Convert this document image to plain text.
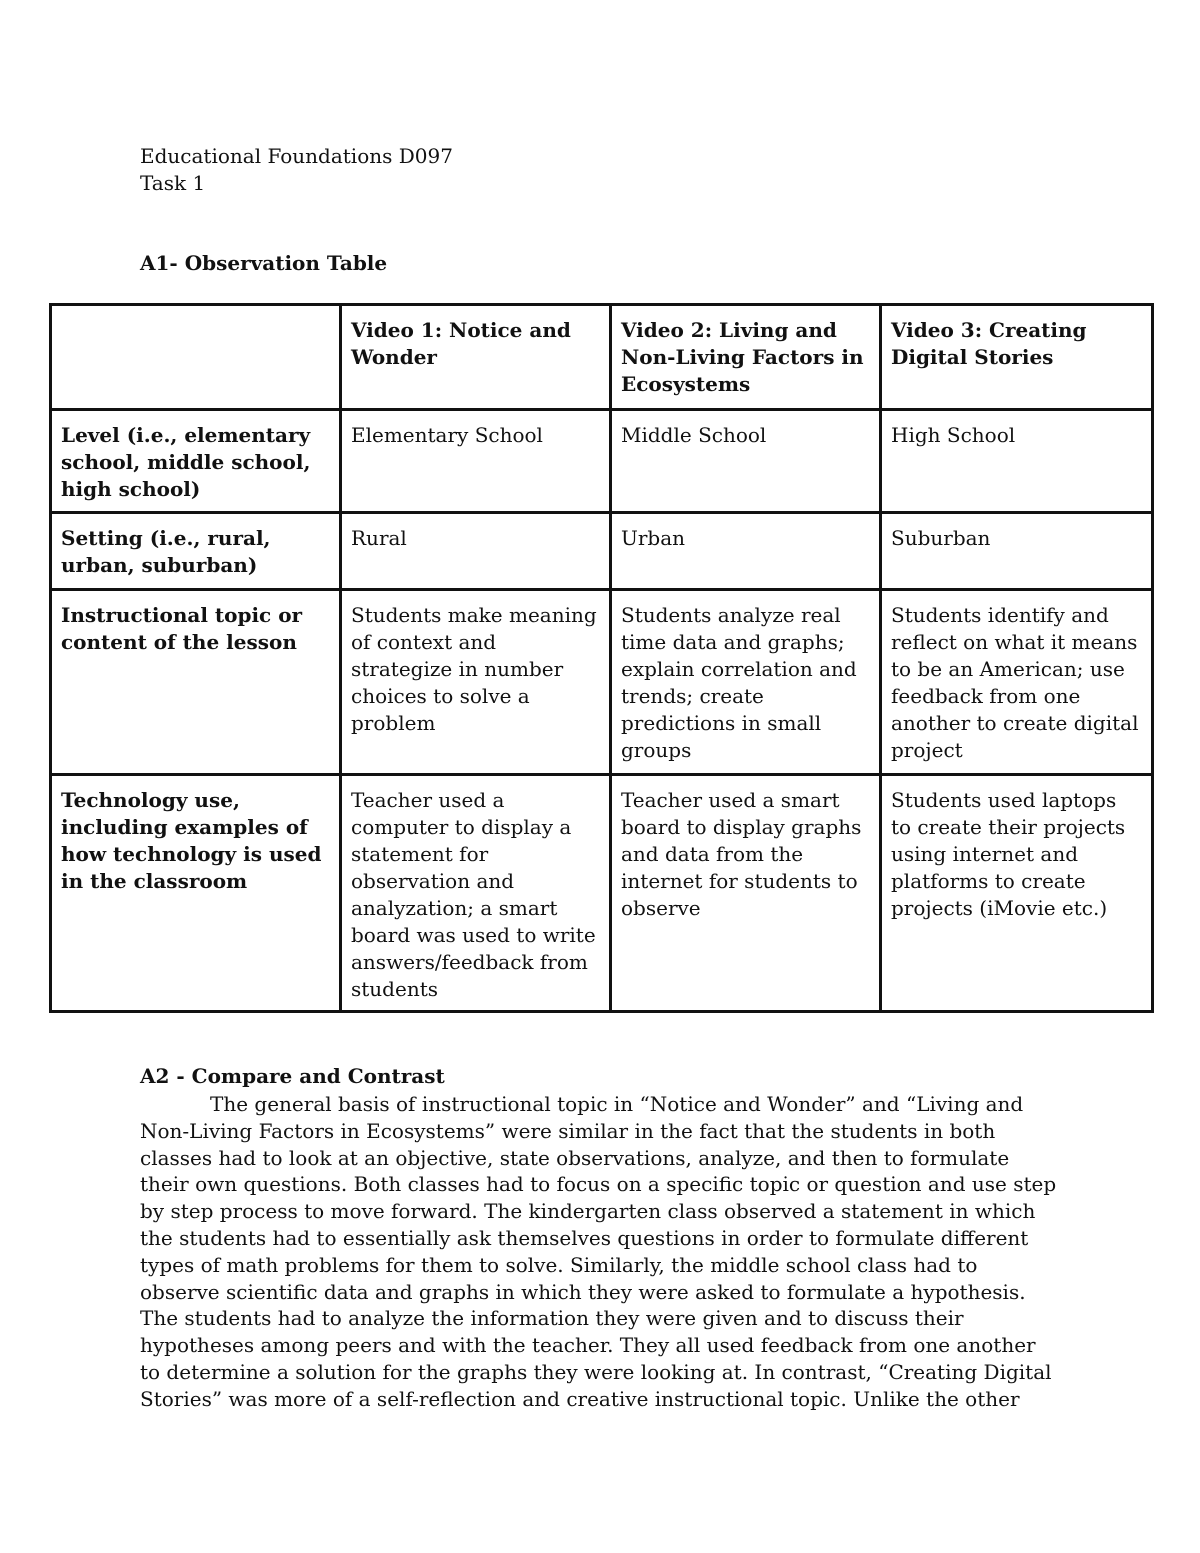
Educational Foundations D097
Task 1
A1- Observation Table
	Video 1: Notice and Wonder	Video 2: Living and Non-Living Factors in Ecosystems	Video 3: Creating Digital Stories
Level (i.e., elementary school, middle school, high school)	Elementary School	Middle School	High School
Setting (i.e., rural, urban, suburban)	Rural	Urban	Suburban
Instructional topic or content of the lesson	Students make meaning of context and strategize in number choices to solve a problem	Students analyze real time data and graphs; explain correlation and trends; create predictions in small groups	Students identify and reflect on what it means to be an American; use feedback from one another to create digital project
Technology use, including examples of how technology is used in the classroom	Teacher used a computer to display a statement for observation and analyzation; a smart board was used to write answers/feedback from students	Teacher used a smart board to display graphs and data from the internet for students to observe	Students used laptops to create their projects using internet and platforms to create projects (iMovie etc.)
A2 - Compare and Contrast

The general basis of instructional topic in “Notice and Wonder” and “Living and Non-Living Factors in Ecosystems” were similar in the fact that the students in both classes had to look at an objective, state observations, analyze, and then to formulate their own questions. Both classes had to focus on a specific topic or question and use step by step process to move forward. The kindergarten class observed a statement in which the students had to essentially ask themselves questions in order to formulate different types of math problems for them to solve. Similarly, the middle school class had to observe scientific data and graphs in which they were asked to formulate a hypothesis. The students had to analyze the information they were given and to discuss their hypotheses among peers and with the teacher. They all used feedback from one another to determine a solution for the graphs they were looking at. In contrast, “Creating Digital Stories” was more of a self-reflection and creative instructional topic. Unlike the other
